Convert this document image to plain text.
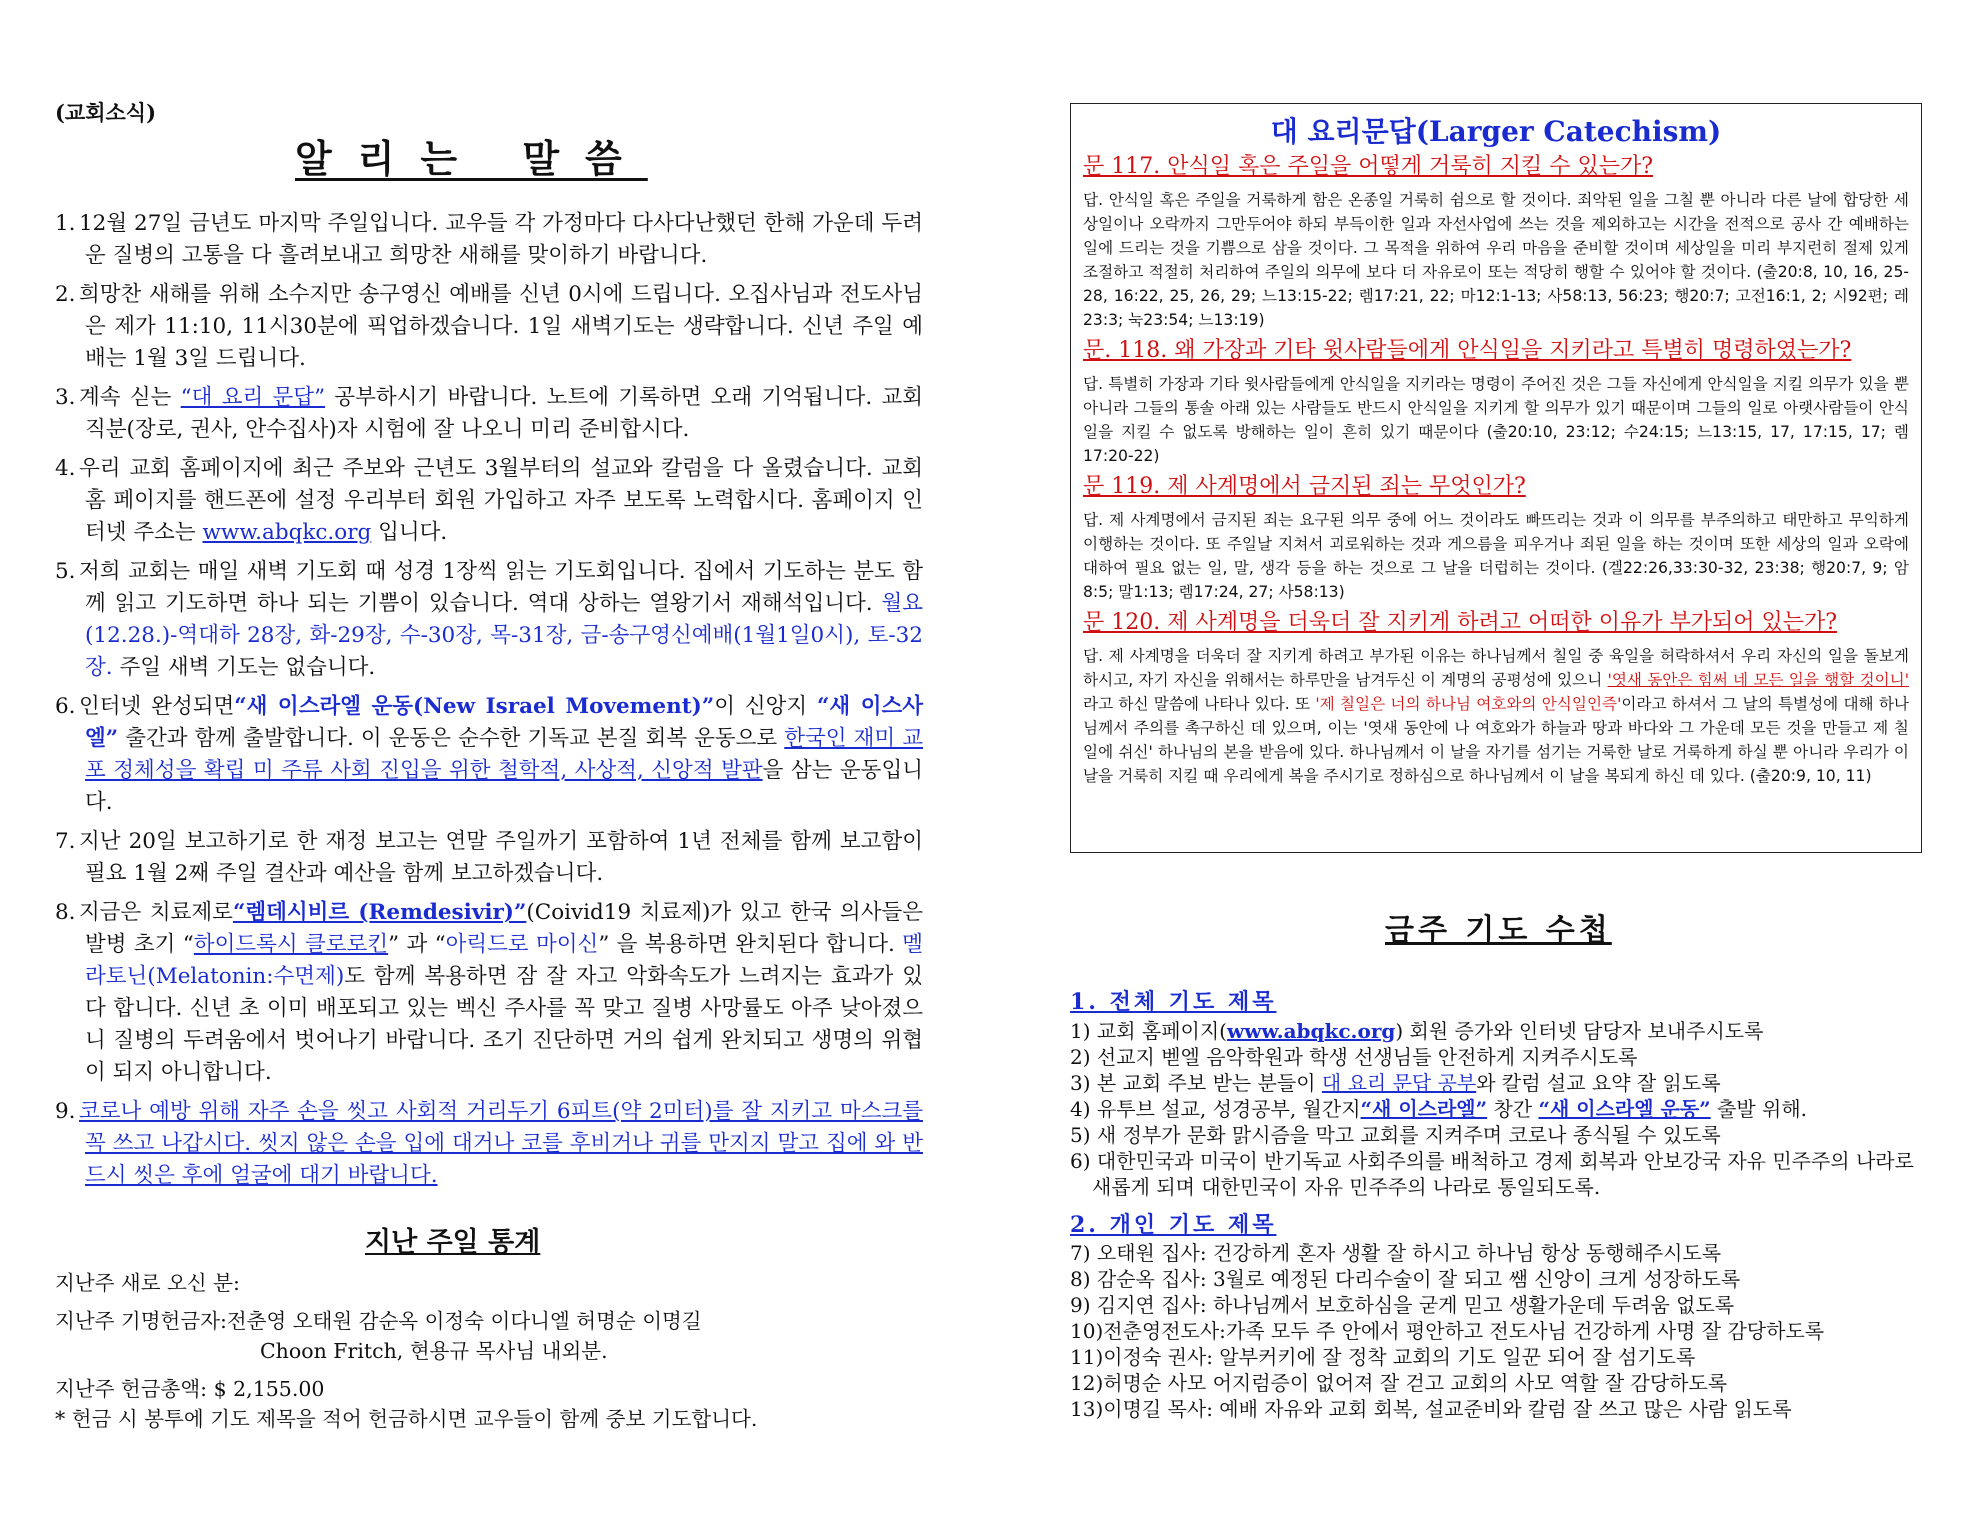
(교회소식)
알리는 말씀
1. 12월 27일 금년도 마지막 주일입니다. 교우들 각 가정마다 다사다난했던 한해 가운데 두려운 질병의 고통을 다 흘려보내고 희망찬 새해를 맞이하기 바랍니다.
2. 희망찬 새해를 위해 소수지만 송구영신 예배를 신년 0시에 드립니다. 오집사님과 전도사님은 제가 11:10, 11시30분에 픽업하겠습니다. 1일 새벽기도는 생략합니다. 신년 주일 예배는 1월 3일 드립니다.
3. 계속 싣는 “대 요리 문답” 공부하시기 바랍니다. 노트에 기록하면 오래 기억됩니다. 교회 직분(장로, 권사, 안수집사)자 시험에 잘 나오니 미리 준비합시다.
4. 우리 교회 홈페이지에 최근 주보와 근년도 3월부터의 설교와 칼럼을 다 올렸습니다. 교회 홈 페이지를 핸드폰에 설정 우리부터 회원 가입하고 자주 보도록 노력합시다. 홈페이지 인터넷 주소는 www.abqkc.org 입니다.
5. 저희 교회는 매일 새벽 기도회 때 성경 1장씩 읽는 기도회입니다. 집에서 기도하는 분도 함께 읽고 기도하면 하나 되는 기쁨이 있습니다. 역대 상하는 열왕기서 재해석입니다. 월요(12.28.)-역대하 28장, 화-29장, 수-30장, 목-31장, 금-송구영신예배(1월1일0시), 토-32장. 주일 새벽 기도는 없습니다.
6. 인터넷 완성되면“새 이스라엘 운동(New Israel Movement)”이 신앙지 “새 이스사엘” 출간과 함께 출발합니다. 이 운동은 순수한 기독교 본질 회복 운동으로 한국인 재미 교포 정체성을 확립 미 주류 사회 진입을 위한 철학적, 사상적, 신앙적 발판을 삼는 운동입니다.
7. 지난 20일 보고하기로 한 재정 보고는 연말 주일까기 포함하여 1년 전체를 함께 보고함이 필요 1월 2째 주일 결산과 예산을 함께 보고하겠습니다.
8. 지금은 치료제로“렘데시비르 (Remdesivir)”(Coivid19 치료제)가 있고 한국 의사들은 발병 초기 “하이드록시 클로로킨” 과 “아릭드로 마이신” 을 복용하면 완치된다 합니다. 멜라토닌(Melatonin:수면제)도 함께 복용하면 잠 잘 자고 악화속도가 느려지는 효과가 있다 합니다. 신년 초 이미 배포되고 있는 벡신 주사를 꼭 맞고 질병 사망률도 아주 낮아졌으니 질병의 두려움에서 벗어나기 바랍니다. 조기 진단하면 거의 쉽게 완치되고 생명의 위협이 되지 아니합니다.
9. 코로나 예방 위해 자주 손을 씻고 사회적 거리두기 6피트(약 2미터)를 잘 지키고 마스크를 꼭 쓰고 나갑시다. 씻지 않은 손을 입에 대거나 코를 후비거나 귀를 만지지 말고 집에 와 반드시 씻은 후에 얼굴에 대기 바랍니다.
지난 주일 통계
지난주 새로 오신 분:
지난주 기명헌금자:전춘영 오태원 감순옥 이정숙 이다니엘 허명순 이명길
Choon Fritch, 현용규 목사님 내외분.
지난주 헌금총액: $ 2,155.00
* 헌금 시 봉투에 기도 제목을 적어 헌금하시면 교우들이 함께 중보 기도합니다.
대 요리문답(Larger Catechism)

문 117. 안식일 혹은 주일을 어떻게 거룩히 지킬 수 있는가?

답. 안식일 혹은 주일을 거룩하게 함은 온종일 거룩히 쉼으로 할 것이다. 죄악된 일을 그칠 뿐 아니라 다른 날에 합당한 세상일이나 오락까지 그만두어야 하되 부득이한 일과 자선사업에 쓰는 것을 제외하고는 시간을 전적으로 공사 간 예배하는 일에 드리는 것을 기쁨으로 삼을 것이다. 그 목적을 위하여 우리 마음을 준비할 것이며 세상일을 미리 부지런히 절제 있게 조절하고 적절히 처리하여 주일의 의무에 보다 더 자유로이 또는 적당히 행할 수 있어야 할 것이다. (출20:8, 10, 16, 25-28, 16:22, 25, 26, 29; 느13:15-22; 렘17:21, 22; 마12:1-13; 사58:13, 56:23; 행20:7; 고전16:1, 2; 시92편; 레23:3; 눅23:54; 느13:19)

문. 118. 왜 가장과 기타 윗사람들에게 안식일을 지키라고 특별히 명령하였는가?

답. 특별히 가장과 기타 윗사람들에게 안식일을 지키라는 명령이 주어진 것은 그들 자신에게 안식일을 지킬 의무가 있을 뿐 아니라 그들의 통솔 아래 있는 사람들도 반드시 안식일을 지키게 할 의무가 있기 때문이며 그들의 일로 아랫사람들이 안식일을 지킬 수 없도록 방해하는 일이 흔히 있기 때문이다 (출20:10, 23:12; 수24:15; 느13:15, 17, 17:15, 17; 렘17:20-22)

문 119. 제 사계명에서 금지된 죄는 무엇인가?

답. 제 사계명에서 금지된 죄는 요구된 의무 중에 어느 것이라도 빠뜨리는 것과 이 의무를 부주의하고 태만하고 무익하게 이행하는 것이다. 또 주일날 지쳐서 괴로워하는 것과 게으름을 피우거나 죄된 일을 하는 것이며 또한 세상의 일과 오락에 대하여 필요 없는 일, 말, 생각 등을 하는 것으로 그 날을 더럽히는 것이다. (겔22:26,33:30-32, 23:38; 행20:7, 9; 암8:5; 말1:13; 렘17:24, 27; 사58:13)

문 120. 제 사계명을 더욱더 잘 지키게 하려고 어떠한 이유가 부가되어 있는가?

답. 제 사계명을 더욱더 잘 지키게 하려고 부가된 이유는 하나님께서 칠일 중 육일을 허락하셔서 우리 자신의 일을 돌보게 하시고, 자기 자신을 위해서는 하루만을 남겨두신 이 계명의 공평성에 있으니 '엿새 동안은 힘써 네 모든 일을 행할 것이니' 라고 하신 말씀에 나타나 있다. 또 '제 칠일은 너의 하나님 여호와의 안식일인즉'이라고 하셔서 그 날의 특별성에 대해 하나님께서 주의를 촉구하신 데 있으며, 이는 '엿새 동안에 나 여호와가 하늘과 땅과 바다와 그 가운데 모든 것을 만들고 제 칠일에 쉬신' 하나님의 본을 받음에 있다. 하나님께서 이 날을 자기를 섬기는 거룩한 날로 거룩하게 하실 뿐 아니라 우리가 이 날을 거룩히 지킬 때 우리에게 복을 주시기로 정하심으로 하나님께서 이 날을 복되게 하신 데 있다. (출20:9, 10, 11)

금주 기도 수첩
1. 전체 기도 제목
1) 교회 홈페이지(www.abqkc.org) 회원 증가와 인터넷 담당자 보내주시도록
2) 선교지 벧엘 음악학원과 학생 선생님들 안전하게 지켜주시도록
3) 본 교회 주보 받는 분들이 대 요리 문답 공부와 칼럼 설교 요약 잘 읽도록
4) 유투브 설교, 성경공부, 월간지“새 이스라엘” 창간 “새 이스라엘 운동” 출발 위해.
5) 새 정부가 문화 맑시즘을 막고 교회를 지켜주며 코로나 종식될 수 있도록
6) 대한민국과 미국이 반기독교 사회주의를 배척하고 경제 회복과 안보강국 자유 민주주의 나라로 새롭게 되며 대한민국이 자유 민주주의 나라로 통일되도록.
2. 개인 기도 제목
7) 오태원 집사: 건강하게 혼자 생활 잘 하시고 하나님 항상 동행해주시도록
8) 감순옥 집사: 3월로 예정된 다리수술이 잘 되고 쌤 신앙이 크게 성장하도록
9) 김지연 집사: 하나님께서 보호하심을 굳게 믿고 생활가운데 두려움 없도록
10)전춘영전도사:가족 모두 주 안에서 평안하고 전도사님 건강하게 사명 잘 감당하도록
11)이정숙 권사: 알부커키에 잘 정착 교회의 기도 일꾼 되어 잘 섬기도록
12)허명순 사모 어지럼증이 없어져 잘 걷고 교회의 사모 역할 잘 감당하도록
13)이명길 목사: 예배 자유와 교회 회복, 설교준비와 칼럼 잘 쓰고 많은 사람 읽도록
